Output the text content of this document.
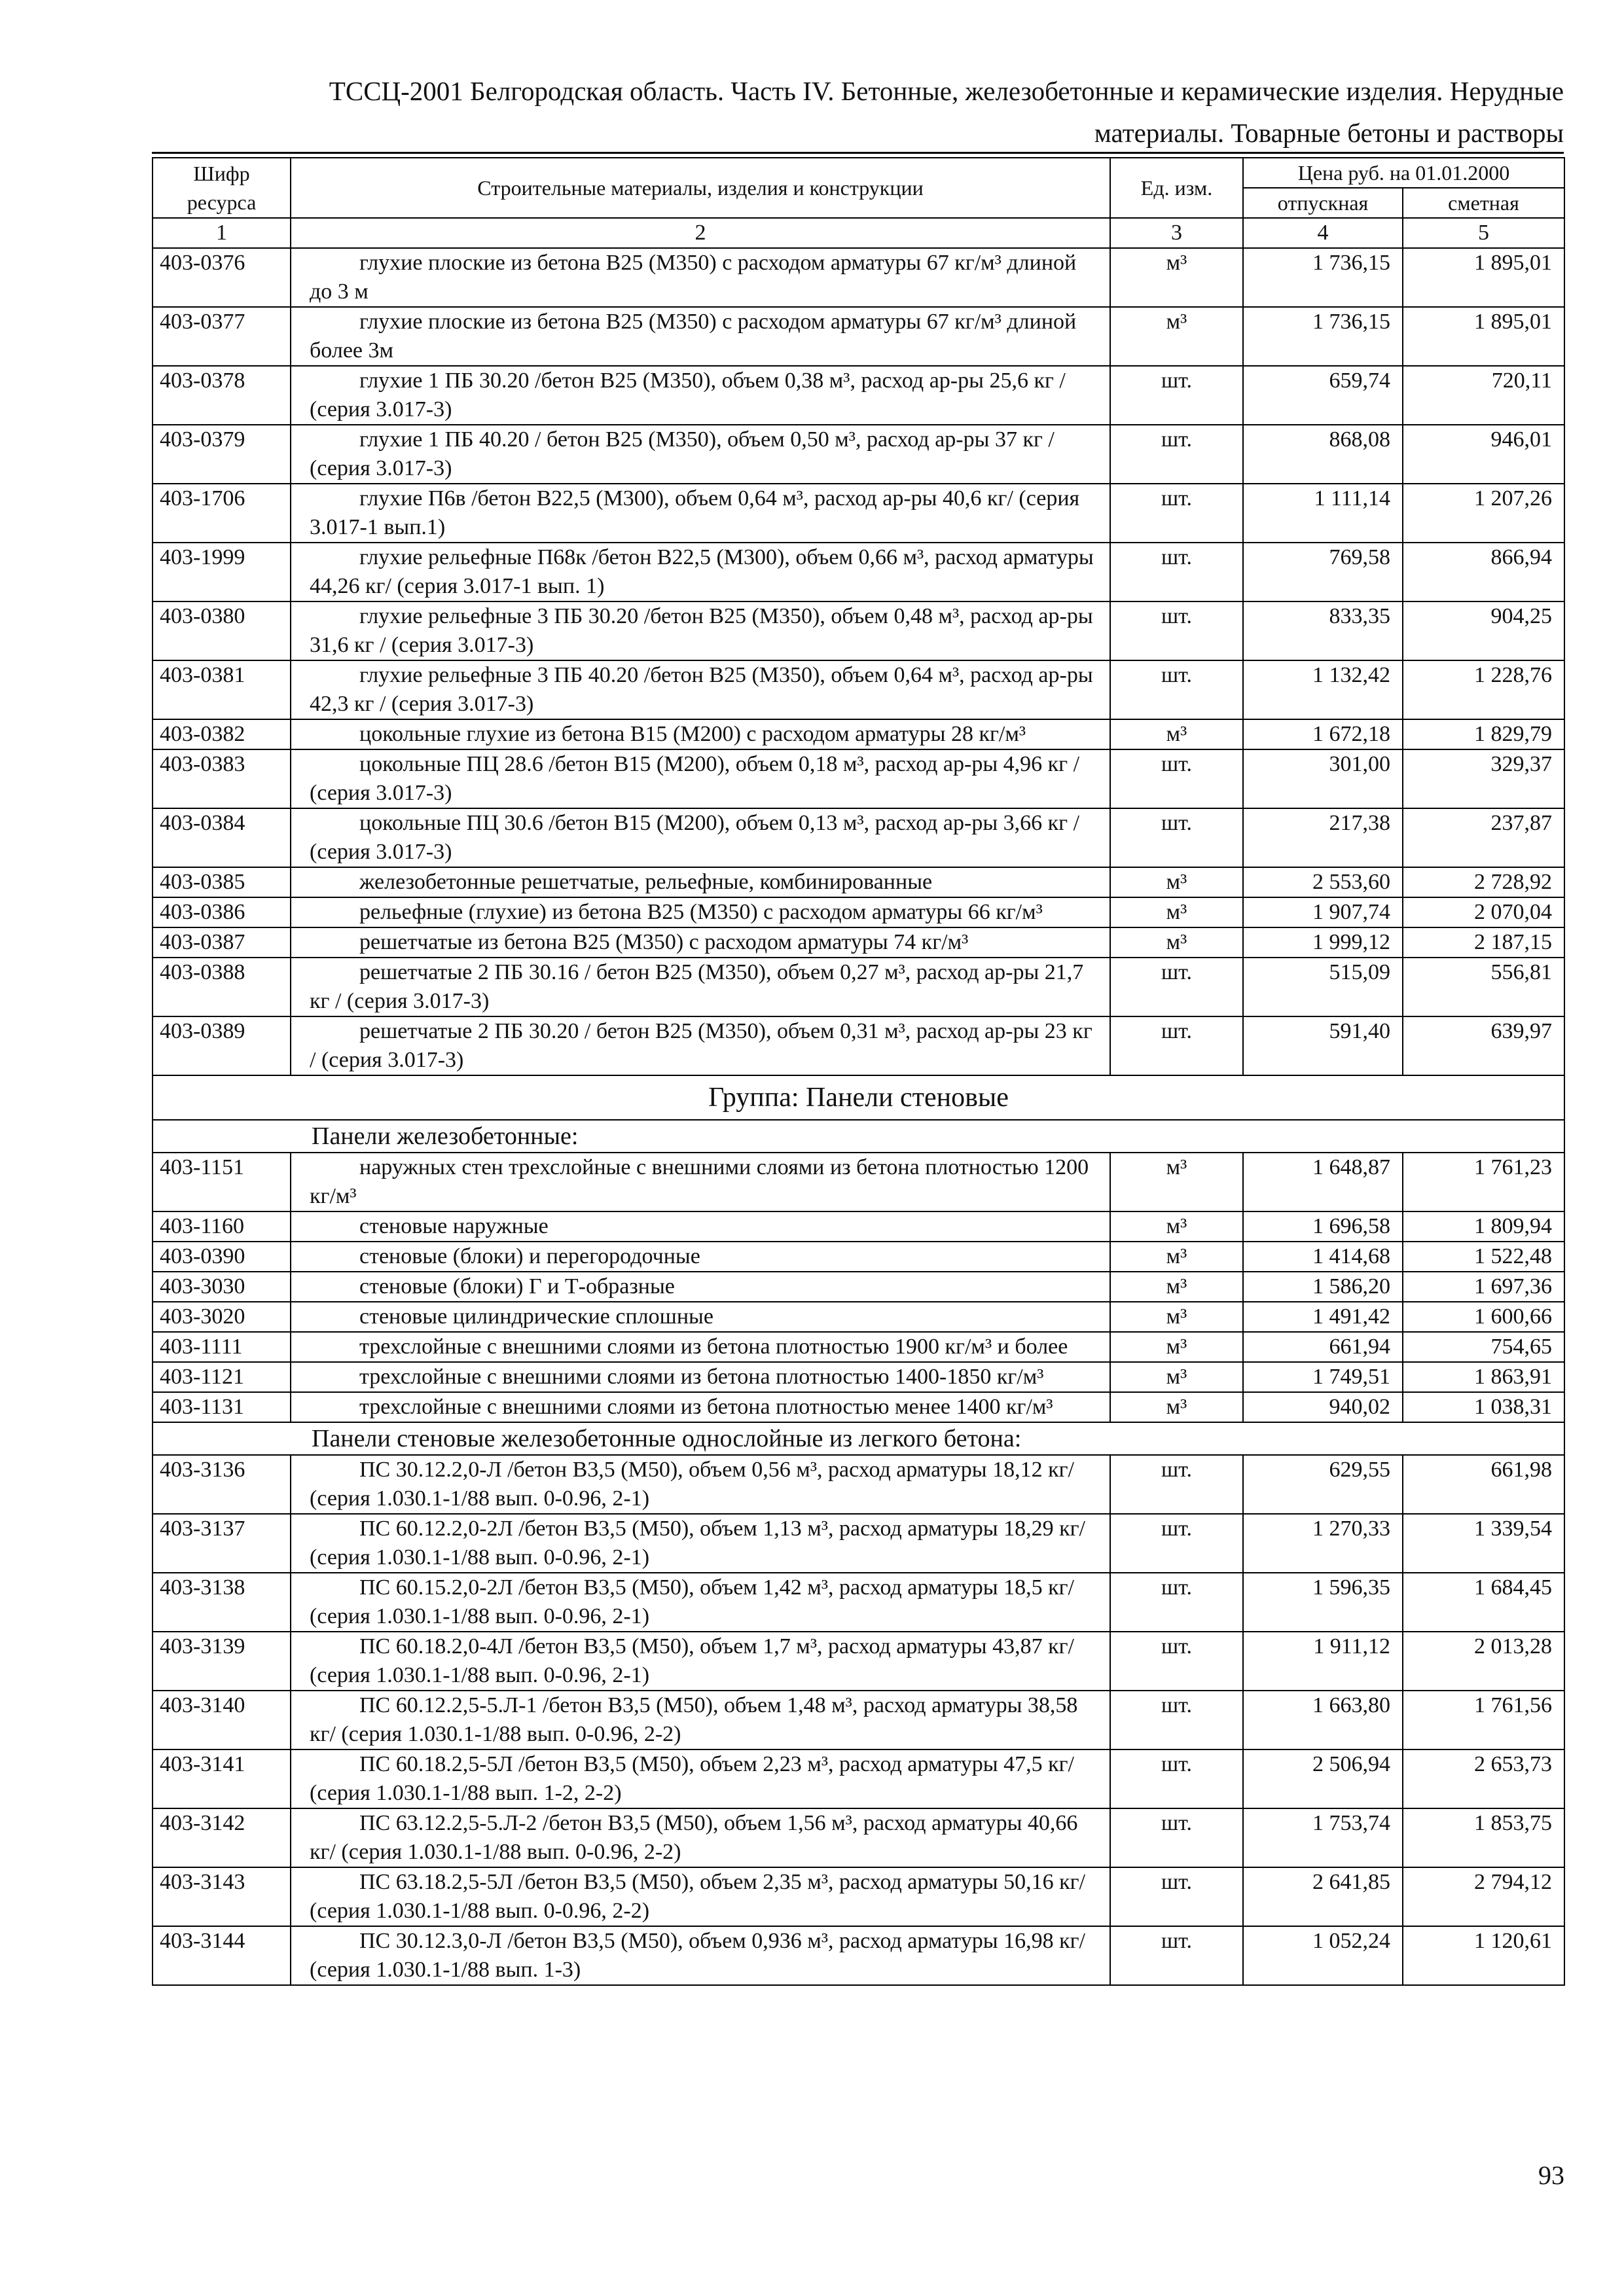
ТССЦ-2001 Белгородская область. Часть IV. Бетонные, железобетонные и керамические изделия. Нерудные
материалы. Товарные бетоны и растворы
Шифр ресурса	Строительные материалы, изделия и конструкции	Ед. изм.	Цена руб. на 01.01.2000	
			отпускная	сметная
1	2	3	4	5
403-0376	глухие плоские из бетона В25 (М350) с расходом арматуры 67 кг/м³ длиной до 3 м	м³	1 736,15	1 895,01
403-0377	глухие плоские из бетона В25 (М350) с расходом арматуры 67 кг/м³ длиной более 3м	м³	1 736,15	1 895,01
403-0378	глухие 1 ПБ 30.20 /бетон В25 (М350), объем 0,38 м³, расход ар-ры 25,6 кг / (серия 3.017-3)	шт.	659,74	720,11
403-0379	глухие 1 ПБ 40.20 / бетон В25 (М350), объем 0,50 м³, расход ар-ры 37 кг / (серия 3.017-3)	шт.	868,08	946,01
403-1706	глухие П6в /бетон В22,5 (М300), объем 0,64 м³, расход ар-ры 40,6 кг/ (серия 3.017-1 вып.1)	шт.	1 111,14	1 207,26
403-1999	глухие рельефные П68к /бетон В22,5 (М300), объем 0,66 м³, расход арматуры 44,26 кг/ (серия 3.017-1 вып. 1)	шт.	769,58	866,94
403-0380	глухие рельефные 3 ПБ 30.20 /бетон В25 (М350), объем 0,48 м³, расход ар-ры 31,6 кг / (серия 3.017-3)	шт.	833,35	904,25
403-0381	глухие рельефные 3 ПБ 40.20 /бетон В25 (М350), объем 0,64 м³, расход ар-ры 42,3 кг / (серия 3.017-3)	шт.	1 132,42	1 228,76
403-0382	цокольные глухие из бетона В15 (М200) с расходом арматуры 28 кг/м³	м³	1 672,18	1 829,79
403-0383	цокольные ПЦ 28.6 /бетон В15 (М200), объем 0,18 м³, расход ар-ры 4,96 кг / (серия 3.017-3)	шт.	301,00	329,37
403-0384	цокольные ПЦ 30.6 /бетон В15 (М200), объем 0,13 м³, расход ар-ры 3,66 кг / (серия 3.017-3)	шт.	217,38	237,87
403-0385	железобетонные решетчатые, рельефные, комбинированные	м³	2 553,60	2 728,92
403-0386	рельефные (глухие) из бетона В25 (М350) с расходом арматуры 66 кг/м³	м³	1 907,74	2 070,04
403-0387	решетчатые из бетона В25 (М350) с расходом арматуры 74 кг/м³	м³	1 999,12	2 187,15
403-0388	решетчатые 2 ПБ 30.16 / бетон В25 (М350), объем 0,27 м³, расход ар-ры 21,7 кг / (серия 3.017-3)	шт.	515,09	556,81
403-0389	решетчатые 2 ПБ 30.20 / бетон В25 (М350), объем 0,31 м³, расход ар-ры 23 кг / (серия 3.017-3)	шт.	591,40	639,97
Группа: Панели стеновые				
Панели железобетонные:				
403-1151	наружных стен трехслойные с внешними слоями из бетона плотностью 1200 кг/м³	м³	1 648,87	1 761,23
403-1160	стеновые наружные	м³	1 696,58	1 809,94
403-0390	стеновые (блоки) и перегородочные	м³	1 414,68	1 522,48
403-3030	стеновые (блоки) Г и Т-образные	м³	1 586,20	1 697,36
403-3020	стеновые цилиндрические сплошные	м³	1 491,42	1 600,66
403-1111	трехслойные с внешними слоями из бетона плотностью 1900 кг/м³ и более	м³	661,94	754,65
403-1121	трехслойные с внешними слоями из бетона плотностью 1400-1850 кг/м³	м³	1 749,51	1 863,91
403-1131	трехслойные с внешними слоями из бетона плотностью менее 1400 кг/м³	м³	940,02	1 038,31
Панели стеновые железобетонные однослойные из легкого бетона:				
403-3136	ПС 30.12.2,0-Л /бетон В3,5 (М50), объем 0,56 м³, расход арматуры 18,12 кг/ (серия 1.030.1-1/88 вып. 0-0.96, 2-1)	шт.	629,55	661,98
403-3137	ПС 60.12.2,0-2Л /бетон В3,5 (М50), объем 1,13 м³, расход арматуры 18,29 кг/ (серия 1.030.1-1/88 вып. 0-0.96, 2-1)	шт.	1 270,33	1 339,54
403-3138	ПС 60.15.2,0-2Л /бетон В3,5 (М50), объем 1,42 м³, расход арматуры 18,5 кг/ (серия 1.030.1-1/88 вып. 0-0.96, 2-1)	шт.	1 596,35	1 684,45
403-3139	ПС 60.18.2,0-4Л /бетон В3,5 (М50), объем 1,7 м³, расход арматуры 43,87 кг/ (серия 1.030.1-1/88 вып. 0-0.96, 2-1)	шт.	1 911,12	2 013,28
403-3140	ПС 60.12.2,5-5.Л-1 /бетон В3,5 (М50), объем 1,48 м³, расход арматуры 38,58 кг/ (серия 1.030.1-1/88 вып. 0-0.96, 2-2)	шт.	1 663,80	1 761,56
403-3141	ПС 60.18.2,5-5Л /бетон В3,5 (М50), объем 2,23 м³, расход арматуры 47,5 кг/ (серия 1.030.1-1/88 вып. 1-2, 2-2)	шт.	2 506,94	2 653,73
403-3142	ПС 63.12.2,5-5.Л-2 /бетон В3,5 (М50), объем 1,56 м³, расход арматуры 40,66 кг/ (серия 1.030.1-1/88 вып. 0-0.96, 2-2)	шт.	1 753,74	1 853,75
403-3143	ПС 63.18.2,5-5Л /бетон В3,5 (М50), объем 2,35 м³, расход арматуры 50,16 кг/ (серия 1.030.1-1/88 вып. 0-0.96, 2-2)	шт.	2 641,85	2 794,12
403-3144	ПС 30.12.3,0-Л /бетон В3,5 (М50), объем 0,936 м³, расход арматуры 16,98 кг/ (серия 1.030.1-1/88 вып. 1-3)	шт.	1 052,24	1 120,61
93
